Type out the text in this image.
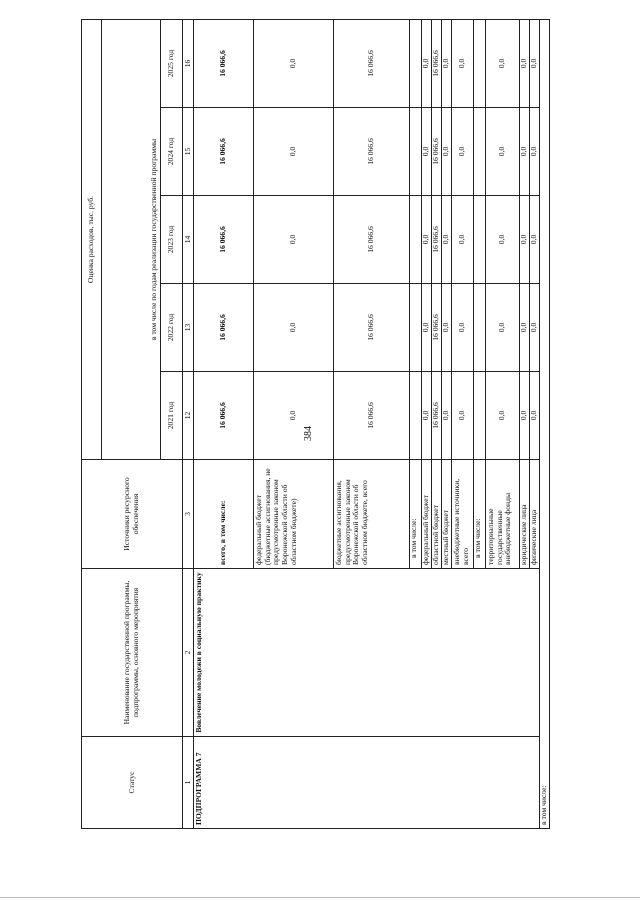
384
Статус	Наименование государственной программы, подпрограммы, основного мероприятия	Источники ресурсного обеспечения	Оценка расходов, тыс. руб.				
			в том числе по годам реализации государственной программы				
			2021 год	2022 год	2023 год	2024 год	2025 год
1	2	3	12	13	14	15	16
ПОДПРОГРАММА 7	Вовлечение молодежи в социальную практику	всего, в том числе:	16 066,6	16 066,6	16 066,6	16 066,6	16 066,6
		федеральный бюджет (бюджетные ассигнования, не предусмотренные законом Воронежской области об областном бюджете)	0,0	0,0	0,0	0,0	0,0
		бюджетные ассигнования, предусмотренные законом Воронежской области об областном бюджете, всего	16 066,6	16 066,6	16 066,6	16 066,6	16 066,6
		в том числе:					
		федеральный бюджет	0,0	0,0	0,0	0,0	0,0
		областной бюджет	16 066,6	16 066,6	16 066,6	16 066,6	16 066,6
		местный бюджет	0,0	0,0	0,0	0,0	0,0
		внебюджетные источники, всего	0,0	0,0	0,0	0,0	0,0
		в том числе:					
		территориальные государственные внебюджетные фонды	0,0	0,0	0,0	0,0	0,0
		юридические лица	0,0	0,0	0,0	0,0	0,0
		физические лица	0,0	0,0	0,0	0,0	0,0
в том числе:							
